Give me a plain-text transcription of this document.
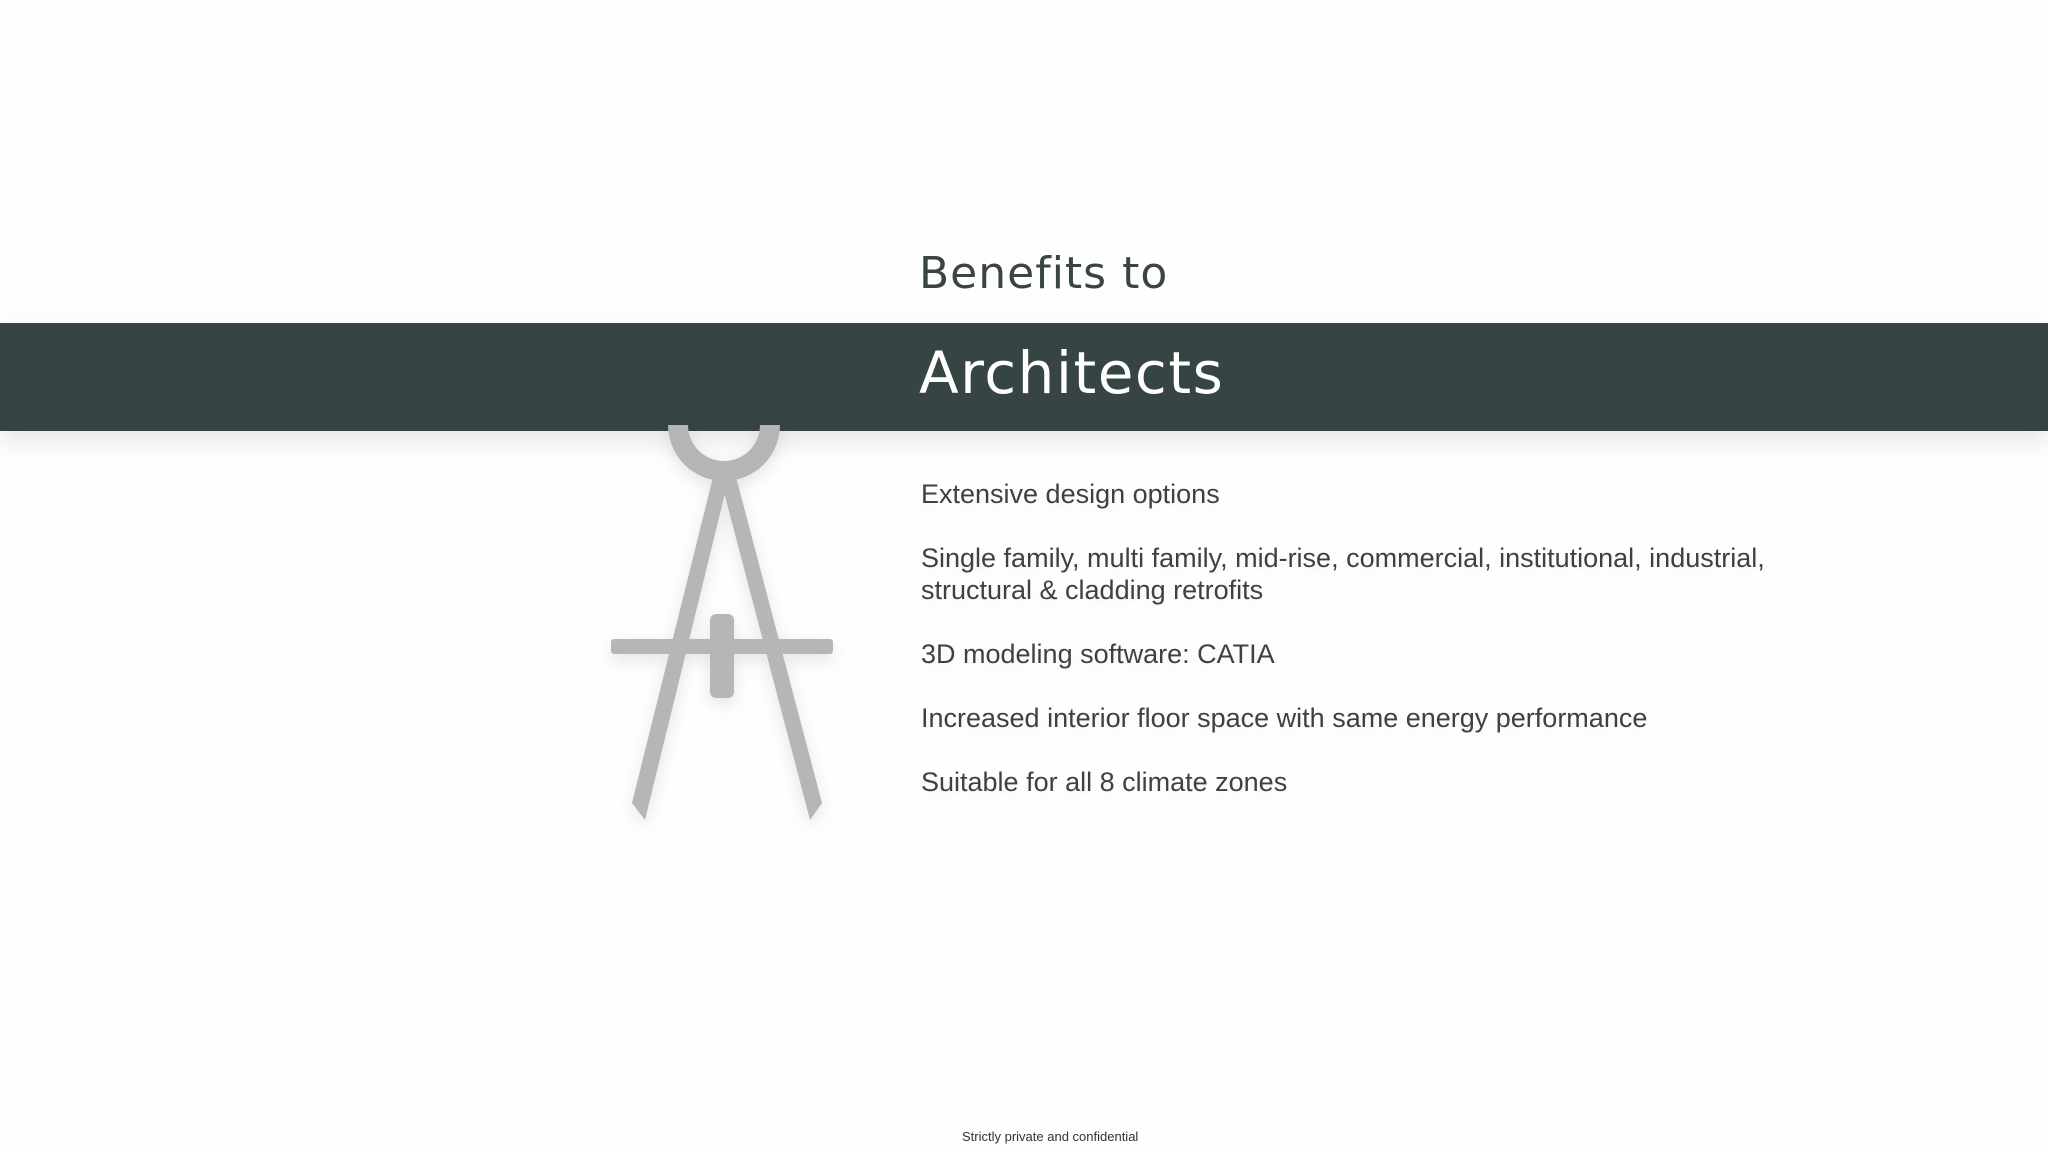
Benefits to
Architects
Extensive design options
Single family, multi family, mid-rise, commercial, institutional, industrial, structural & cladding retrofits
3D modeling software: CATIA
Increased interior floor space with same energy performance
Suitable for all 8 climate zones
Strictly private and confidential
